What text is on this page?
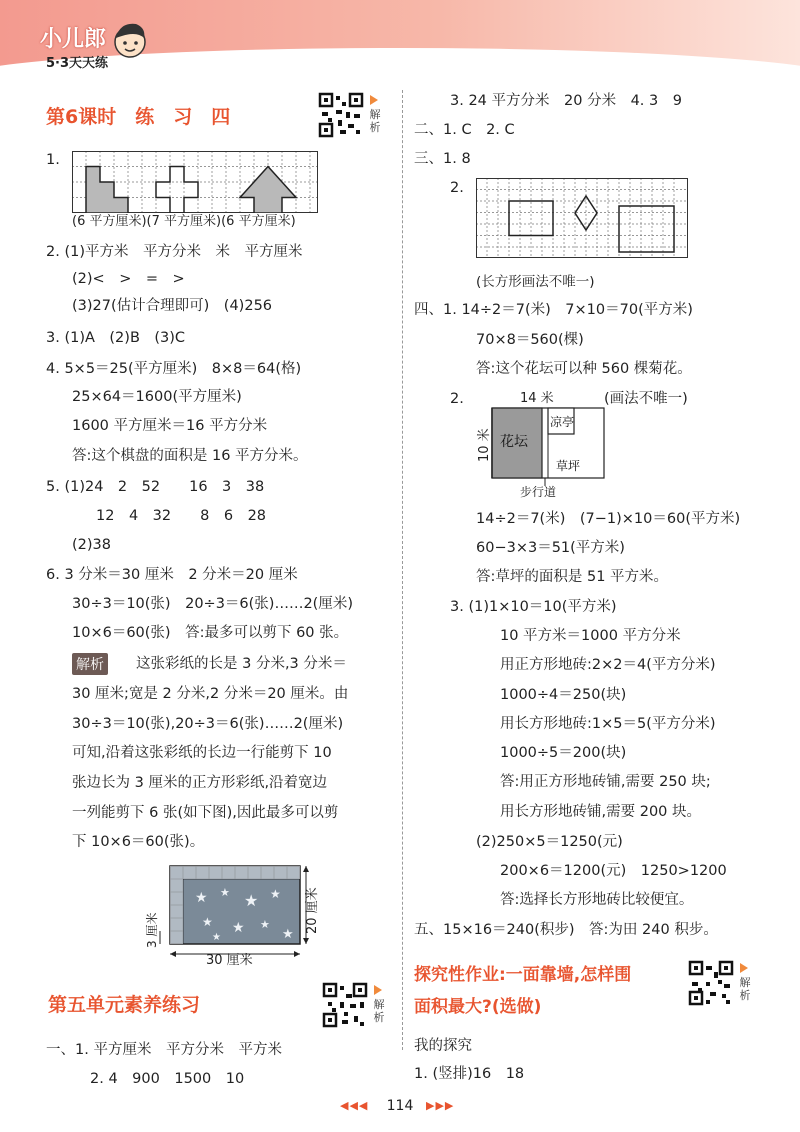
小儿郎
5·3天天练
第6课时　练　习　四	解析
1.
(6 平方厘米)(7 平方厘米)(6 平方厘米)
2. (1)平方米　平方分米　米　平方厘米
(2)<　>　=　>
(3)27(估计合理即可)　(4)256
3. (1)A　(2)B　(3)C
4. 5×5＝25(平方厘米)　8×8＝64(格)
25×64＝1600(平方厘米)
1600 平方厘米＝16 平方分米
答:这个棋盘的面积是 16 平方分米。
5. (1)24　2　52　　16　3　38
12　4　32　　8　6　28
(2)38
6. 3 分米＝30 厘米　2 分米＝20 厘米
30÷3＝10(张)　20÷3＝6(张)……2(厘米)
10×6＝60(张)　答:最多可以剪下 60 张。
解析 这张彩纸的长是 3 分米,3 分米＝
30 厘米;宽是 2 分米,2 分米＝20 厘米。由
30÷3＝10(张),20÷3＝6(张)……2(厘米)
可知,沿着这张彩纸的长边一行能剪下 10
张边长为 3 厘米的正方形彩纸,沿着宽边
一列能剪下 6 张(如下图),因此最多可以剪
下 10×6＝60(张)。
★ ★ ★ ★
★ ★ ★
★
★
30 厘米
20 厘米
3 厘米
第五单元素养练习	解析
一、1. 平方厘米　平方分米　平方米
2. 4　900　1500　10
3. 24 平方分米　20 分米　4. 3　9
二、1. C　2. C
三、1. 8
2.
(长方形画法不唯一)
四、1. 14÷2＝7(米)　7×10＝70(平方米)
70×8＝560(棵)
答:这个花坛可以种 560 棵菊花。
2.	(画法不唯一)
14 米
花坛
凉亭
草坪
10 米
步行道
14÷2＝7(米)　(7−1)×10＝60(平方米)
60−3×3＝51(平方米)
答:草坪的面积是 51 平方米。
3. (1)1×10＝10(平方米)
10 平方米＝1000 平方分米
用正方形地砖:2×2＝4(平方分米)
1000÷4＝250(块)
用长方形地砖:1×5＝5(平方分米)
1000÷5＝200(块)
答:用正方形地砖铺,需要 250 块;
用长方形地砖铺,需要 200 块。
(2)250×5＝1250(元)
200×6＝1200(元)　1250>1200
答:选择长方形地砖比较便宜。
五、15×16＝240(积步)　答:为田 240 积步。
探究性作业:一面靠墙,怎样围
面积最大?(选做)
解析
我的探究
1. (竖排)16　18
◀◀◀	114	▶▶▶
